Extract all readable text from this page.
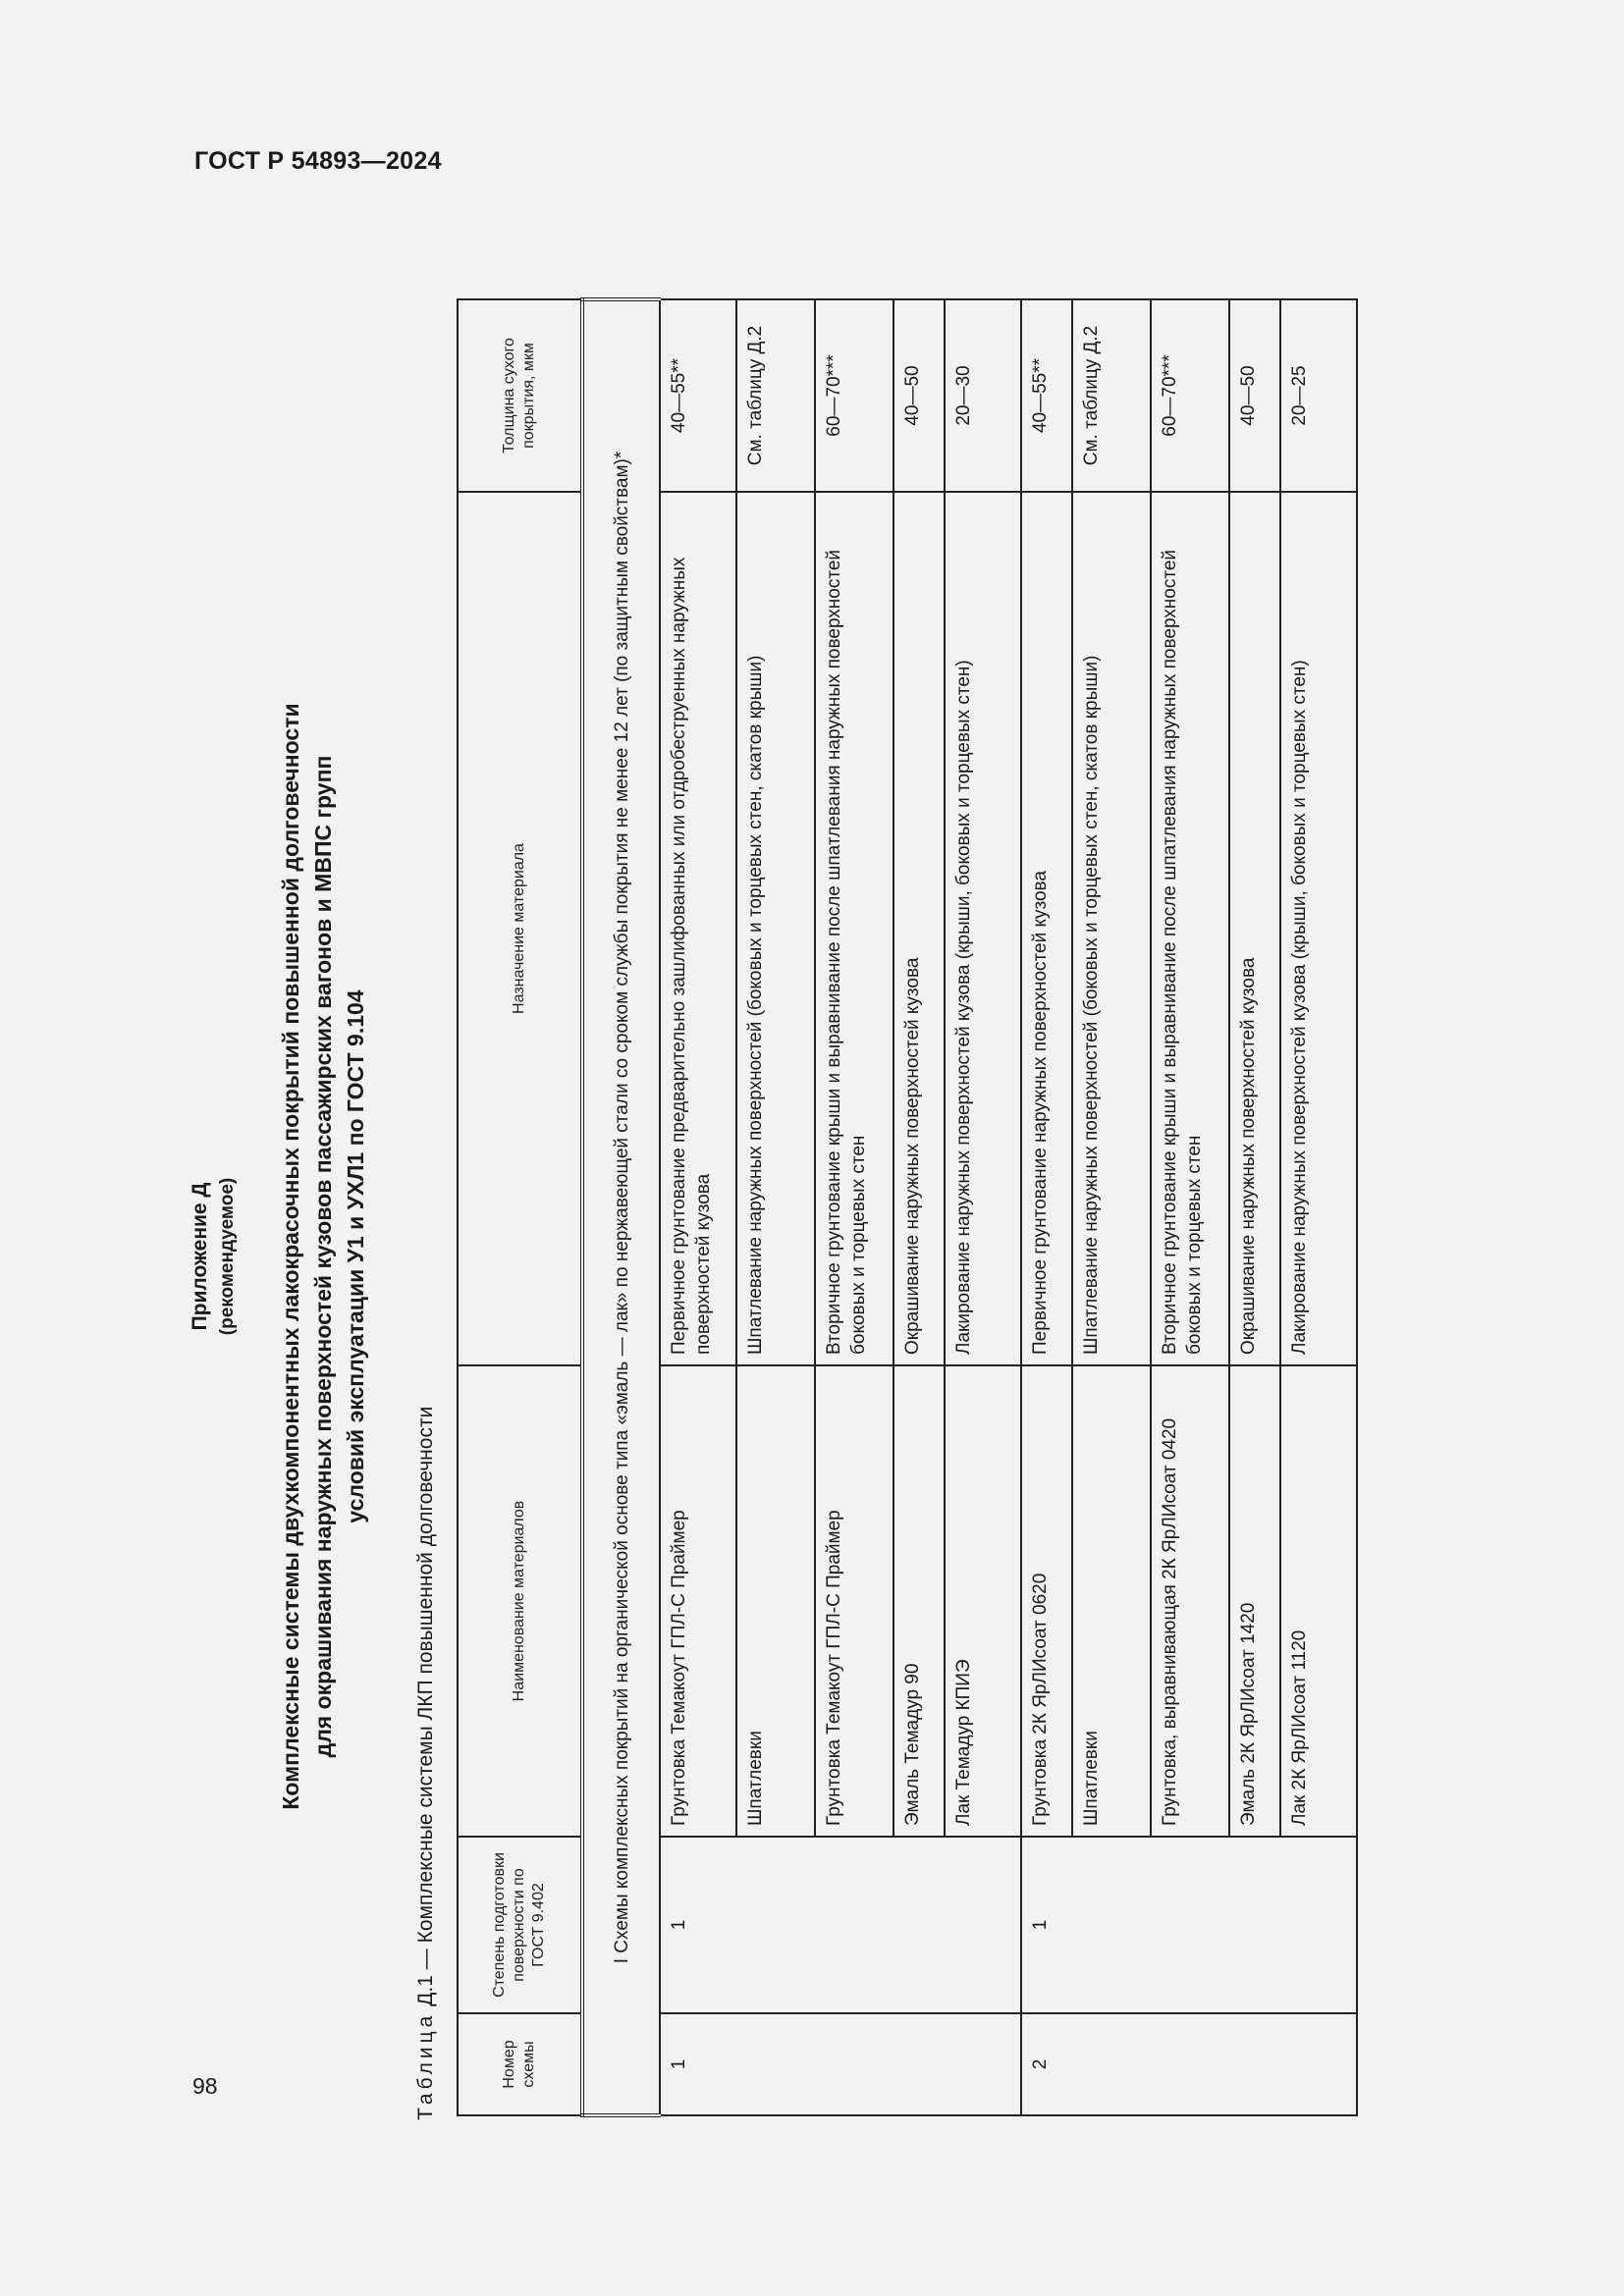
ГОСТ Р 54893—2024
98
Приложение Д (рекомендуемое) Комплексные системы двухкомпонентных лакокрасочных покрытий повышенной долговечности для окрашивания наружных поверхностей кузовов пассажирских вагонов и МВПС групп условий эксплуатации У1 и УХЛ1 по ГОСТ 9.104
Таблица Д.1 — Комплексные системы ЛКП повышенной долговечности
Номер схемы	Степень подготовки поверхности по ГОСТ 9.402	Наименование материалов	Назначение материала	Толщина сухого покрытия, мкм
I Схемы комплексных покрытий на органической основе типа «эмаль — лак» по нержавеющей стали со сроком службы покрытия не менее 12 лет (по защитным свойствам)*				
1	1	Грунтовка Темакоут ГПЛ-С Праймер	Первичное грунтование предварительно зашлифованных или отдробеструенных наружных поверхностей кузова	40—55**
		Шпатлевки	Шпатлевание наружных поверхностей (боковых и торцевых стен, скатов крыши)	См. таблицу Д.2
		Грунтовка Темакоут ГПЛ-С Праймер	Вторичное грунтование крыши и выравнивание после шпатлевания наружных поверхностей боковых и торцевых стен	60—70***
		Эмаль Темадур 90	Окрашивание наружных поверхностей кузова	40—50
		Лак Темадур КПИЭ	Лакирование наружных поверхностей кузова (крыши, боковых и торцевых стен)	20—30
2	1	Грунтовка 2К ЯрЛИсоат 0620	Первичное грунтование наружных поверхностей кузова	40—55**
		Шпатлевки	Шпатлевание наружных поверхностей (боковых и торцевых стен, скатов крыши)	См. таблицу Д.2
		Грунтовка, выравнивающая 2К ЯрЛИсоат 0420	Вторичное грунтование крыши и выравнивание после шпатлевания наружных поверхностей боковых и торцевых стен	60—70***
		Эмаль 2К ЯрЛИсоат 1420	Окрашивание наружных поверхностей кузова	40—50
		Лак 2К ЯрЛИсоат 1120	Лакирование наружных поверхностей кузова (крыши, боковых и торцевых стен)	20—25
